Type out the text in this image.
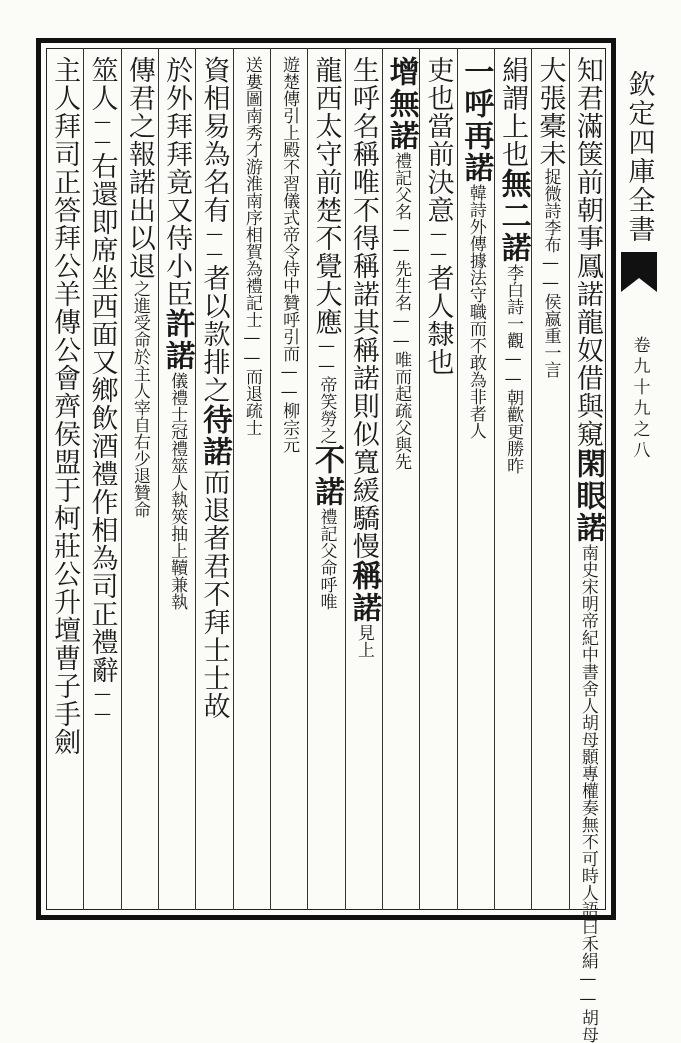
知君滿箧前朝事
鳳諾龍奴借與窺
閑眼諾
南史宋明帝紀中書舍人胡母顥專權
奏無不可時人語曰禾絹
——
胡母
大張橐未
捉微詩李布
——
侯嬴重一言
絹謂上也
無二諾
李白詩一觀
——
朝歡更勝昨
一呼再諾
韓詩外傳據法守職而不敢為非者人
吏也當前決意
——
者人隸也
增無諾
禮記父名
——
先生名
——
唯而起疏父與先
生呼名稱唯不得稱諾其稱諾則似寬緩驕慢
稱諾
見上
龍西太守前楚不覺大應
——
帝笑勞之
不諾
禮記父命呼唯
遊楚傳引上殿不習儀式帝令侍中贊呼引
而
——
柳宗元
送婁圖南秀才游淮南序相賀為
禮記士
——
而退疏士
資相易為名有
——
者以款排之
待諾
而退者君不拜士士故
於外拜拜竟又侍小臣
許諾
儀禮士冠禮筮人執筴抽上韇兼執
傳君之報諾出以退
之進受命於主人宰自右少退贊命
筮人
——
右還即席坐西面又鄉飲酒禮作相為司正禮辭
——
主人拜司正答拜公羊傳公會齊侯盟于柯莊公升壇曹子手劍	欽定四庫全書
卷九十九之八
